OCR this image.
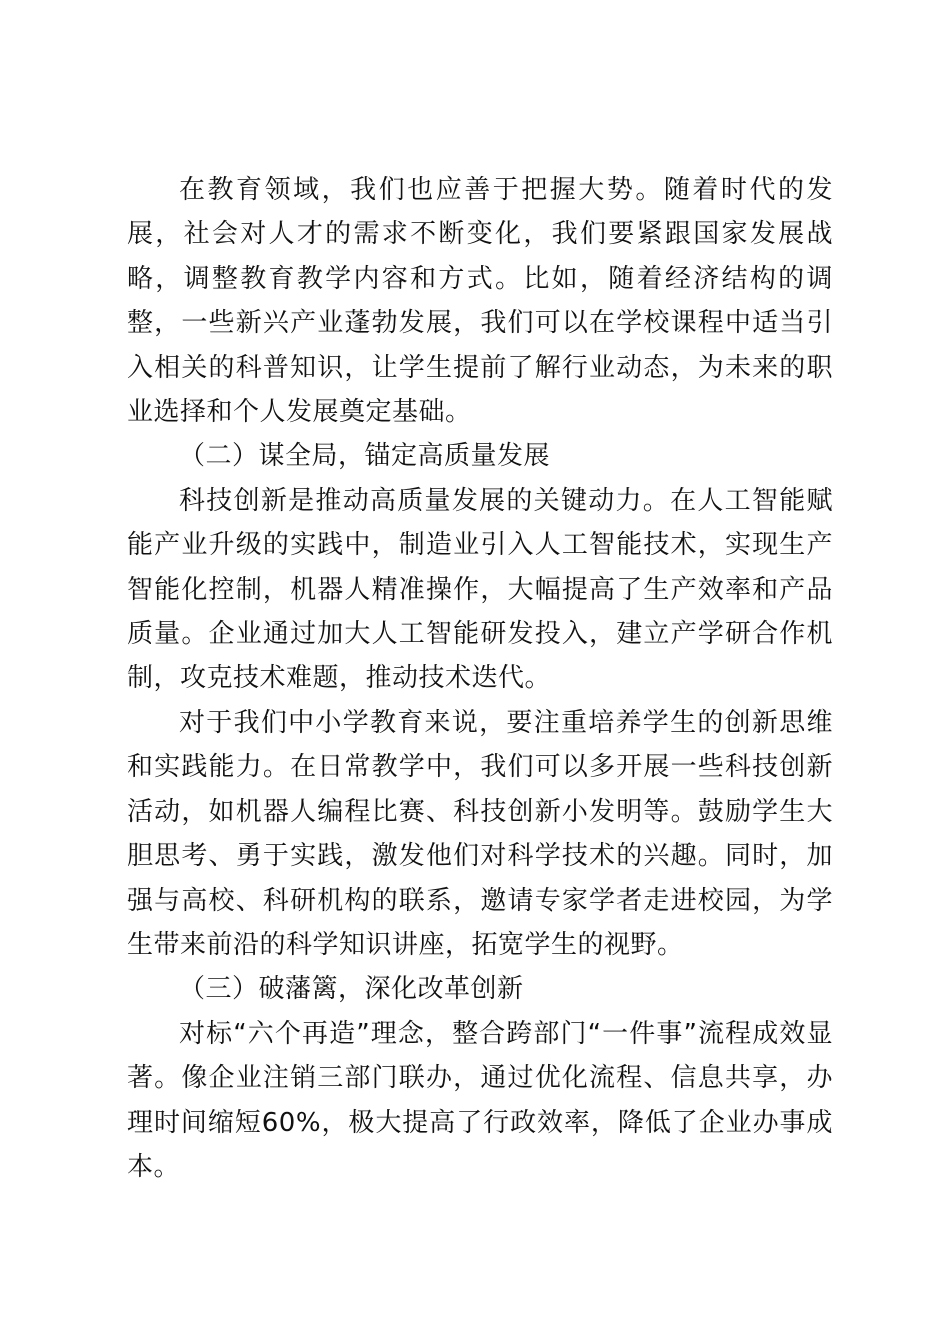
在教育领域，我们也应善于把握大势。随着时代的发展，社会对人才的需求不断变化，我们要紧跟国家发展战略，调整教育教学内容和方式。比如，随着经济结构的调整，一些新兴产业蓬勃发展，我们可以在学校课程中适当引入相关的科普知识，让学生提前了解行业动态，为未来的职业选择和个人发展奠定基础。

（二）谋全局，锚定高质量发展

科技创新是推动高质量发展的关键动力。在人工智能赋能产业升级的实践中，制造业引入人工智能技术，实现生产智能化控制，机器人精准操作，大幅提高了生产效率和产品质量。企业通过加大人工智能研发投入，建立产学研合作机制，攻克技术难题，推动技术迭代。

对于我们中小学教育来说，要注重培养学生的创新思维和实践能力。在日常教学中，我们可以多开展一些科技创新活动，如机器人编程比赛、科技创新小发明等。鼓励学生大胆思考、勇于实践，激发他们对科学技术的兴趣。同时，加强与高校、科研机构的联系，邀请专家学者走进校园，为学生带来前沿的科学知识讲座，拓宽学生的视野。

（三）破藩篱，深化改革创新

对标“六个再造”理念，整合跨部门“一件事”流程成效显著。像企业注销三部门联办，通过优化流程、信息共享，办理时间缩短60%，极大提高了行政效率，降低了企业办事成本。
